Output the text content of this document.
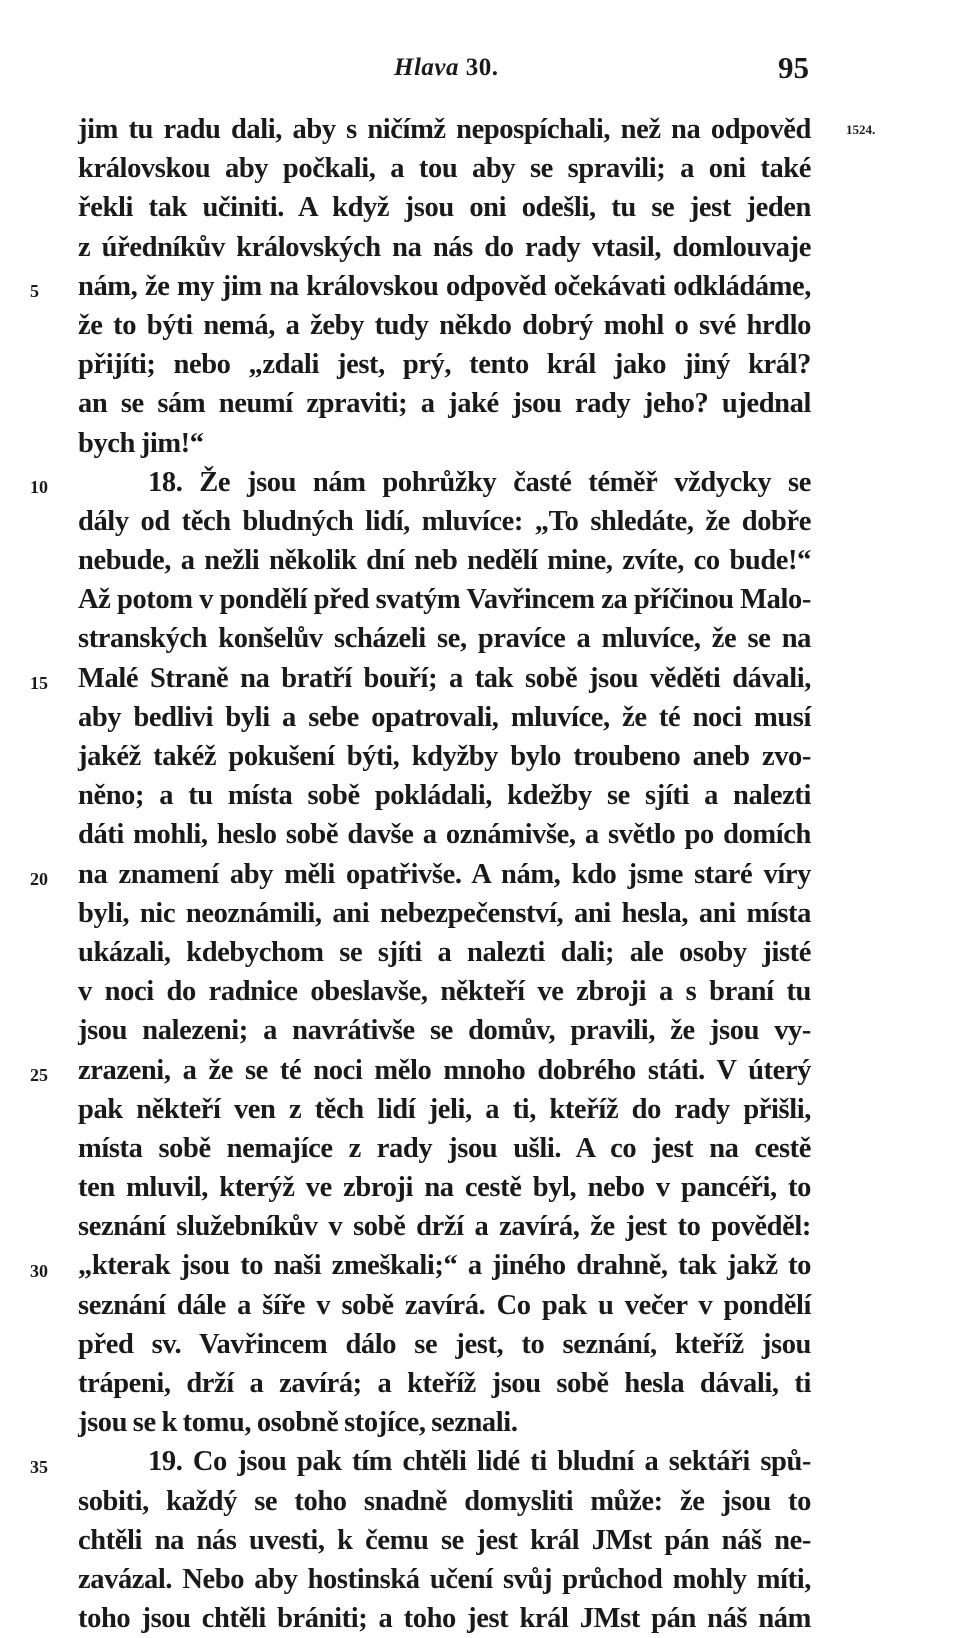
Hlava 30.	95
1524.
jim tu radu dali, aby s ničímž nepospíchali, než na odpověd
královskou aby počkali, a tou aby se spravili; a oni také
řekli tak učiniti. A když jsou oni odešli, tu se jest jeden
z úředníkův královských na nás do rady vtasil, domlouvaje
nám, že my jim na královskou odpověd očekávati odkládáme,
že to býti nemá, a žeby tudy někdo dobrý mohl o své hrdlo
přijíti; nebo „zdali jest, prý, tento král jako jiný král?
an se sám neumí zpraviti; a jaké jsou rady jeho? ujednal
bych jim!“
18. Že jsou nám pohrůžky časté téměř vždycky se
dály od těch bludných lidí, mluvíce: „To shledáte, že dobře
nebude, a nežli několik dní neb nedělí mine, zvíte, co bude!“
Až potom v pondělí před svatým Vavřincem za příčinou Malo-
stranských konšelův scházeli se, pravíce a mluvíce, že se na
Malé Straně na bratří bouří; a tak sobě jsou věděti dávali,
aby bedlivi byli a sebe opatrovali, mluvíce, že té noci musí
jakéž takéž pokušení býti, kdyžby bylo troubeno aneb zvo-
něno; a tu místa sobě pokládali, kdežby se sjíti a nalezti
dáti mohli, heslo sobě davše a oznámivše, a světlo po domích
na znamení aby měli opatřivše. A nám, kdo jsme staré víry
byli, nic neoznámili, ani nebezpečenství, ani hesla, ani místa
ukázali, kdebychom se sjíti a nalezti dali; ale osoby jisté
v noci do radnice obeslavše, někteří ve zbroji a s braní tu
jsou nalezeni; a navrátivše se domův, pravili, že jsou vy-
zrazeni, a že se té noci mělo mnoho dobrého státi. V úterý
pak někteří ven z těch lidí jeli, a ti, kteříž do rady přišli,
místa sobě nemajíce z rady jsou ušli. A co jest na cestě
ten mluvil, kterýž ve zbroji na cestě byl, nebo v pancéři, to
seznání služebníkův v sobě drží a zavírá, že jest to pověděl:
„kterak jsou to naši zmeškali;“ a jiného drahně, tak jakž to
seznání dále a šíře v sobě zavírá. Co pak u večer v pondělí
před sv. Vavřincem dálo se jest, to seznání, kteříž jsou
trápeni, drží a zavírá; a kteříž jsou sobě hesla dávali, ti
jsou se k tomu, osobně stojíce, seznali.
19. Co jsou pak tím chtěli lidé ti bludní a sektáři spů-
sobiti, každý se toho snadně domysliti může: že jsou to
chtěli na nás uvesti, k čemu se jest král JMst pán náš ne-
zavázal. Nebo aby hostinská učení svůj průchod mohly míti,
toho jsou chtěli brániti; a toho jest král JMst pán náš nám
5
10
15
20
25
30
35
